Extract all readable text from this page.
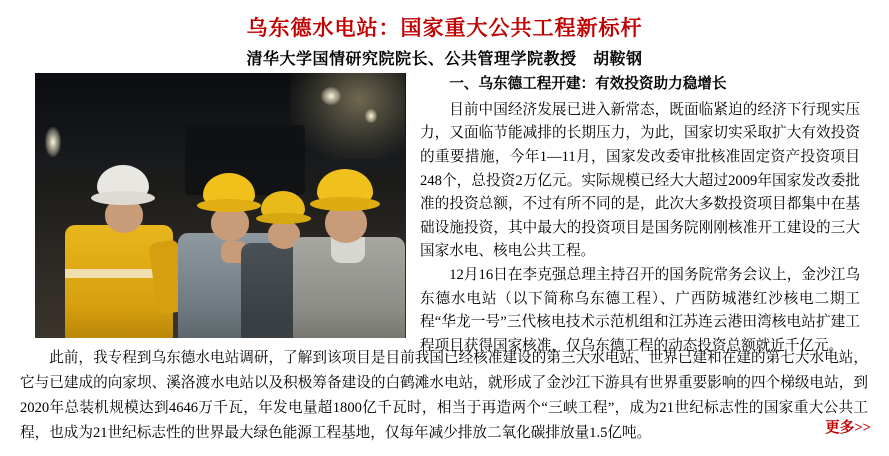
乌东德水电站：国家重大公共工程新标杆
清华大学国情研究院院长、公共管理学院教授　胡鞍钢

一、乌东德工程开建：有效投资助力稳增长

目前中国经济发展已进入新常态，既面临紧迫的经济下行现实压力，又面临节能减排的长期压力，为此，国家切实采取扩大有效投资的重要措施，今年1—11月，国家发改委审批核准固定资产投资项目248个，总投资2万亿元。实际规模已经大大超过2009年国家发改委批准的投资总额，不过有所不同的是，此次大多数投资项目都集中在基础设施投资，其中最大的投资项目是国务院刚刚核准开工建设的三大国家水电、核电公共工程。

12月16日在李克强总理主持召开的国务院常务会议上，金沙江乌东德水电站（以下简称乌东德工程）、广西防城港红沙核电二期工程“华龙一号”三代核电技术示范机组和江苏连云港田湾核电站扩建工程项目获得国家核准，仅乌东德工程的动态投资总额就近千亿元。

此前，我专程到乌东德水电站调研，了解到该项目是目前我国已经核准建设的第三大水电站、世界已建和在建的第七大水电站，它与已建成的向家坝、溪洛渡水电站以及积极筹备建设的白鹤滩水电站，就形成了金沙江下游具有世界重要影响的四个梯级电站，到2020年总装机规模达到4646万千瓦，年发电量超1800亿千瓦时，相当于再造两个“三峡工程”，成为21世纪标志性的国家重大公共工程，也成为21世纪标志性的世界最大绿色能源工程基地，仅每年减少排放二氧化碳排放量1.5亿吨。	更多>>
